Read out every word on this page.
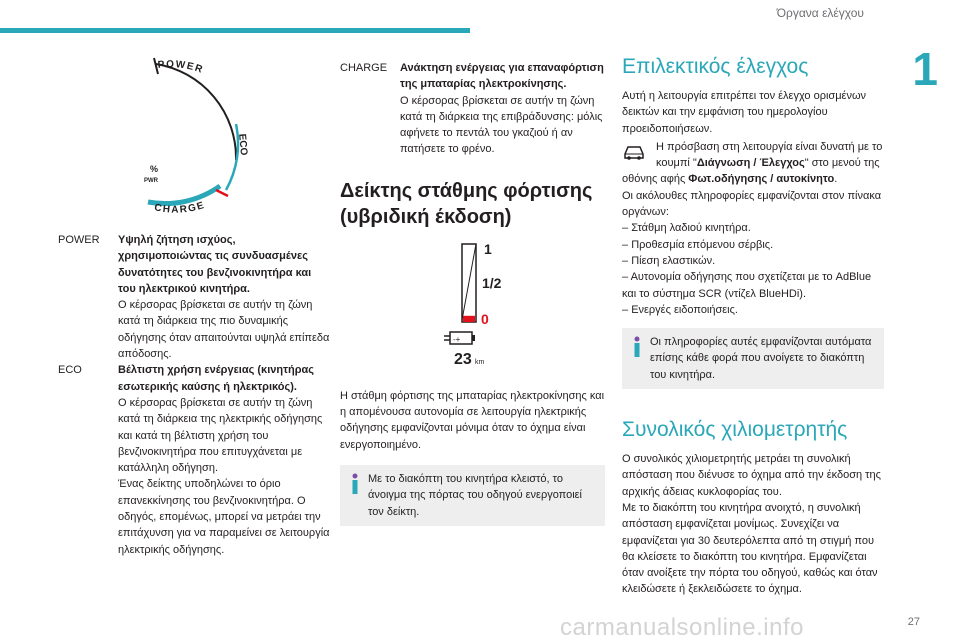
Όργανα ελέγχου
1
POWER
ECO
CHARGE
%
PWR
POWER	Υψηλή ζήτηση ισχύος, χρησιμοποιώντας τις συνδυασμένες δυνατότητες του βενζινοκινητήρα και του ηλεκτρικού κινητήρα.

Ο κέρσορας βρίσκεται σε αυτήν τη ζώνη κατά τη διάρκεια της πιο δυναμικής οδήγησης όταν απαιτούνται υψηλά επίπεδα απόδοσης.

ECO	Βέλτιστη χρήση ενέργειας (κινητήρας εσωτερικής καύσης ή ηλεκτρικός).

Ο κέρσορας βρίσκεται σε αυτήν τη ζώνη κατά τη διάρκεια της ηλεκτρικής οδήγησης και κατά τη βέλτιστη χρήση του βενζινοκινητήρα που επιτυγχάνεται με κατάλληλη οδήγηση.

Ένας δείκτης υποδηλώνει το όριο επανεκκίνησης του βενζινοκινητήρα. Ο οδηγός, επομένως, μπορεί να μετράει την επιτάχυνση για να παραμείνει σε λειτουργία ηλεκτρικής οδήγησης.

CHARGE	Ανάκτηση ενέργειας για επαναφόρτιση της μπαταρίας ηλεκτροκίνησης.

Ο κέρσορας βρίσκεται σε αυτήν τη ζώνη κατά τη διάρκεια της επιβράδυνσης: μόλις αφήνετε το πεντάλ του γκαζιού ή αν πατήσετε το φρένο.

Δείκτης στάθμης φόρτισης (υβριδική έκδοση)
1
1/2
0
-+
23 km

Η στάθμη φόρτισης της μπαταρίας ηλεκτροκίνησης και η απομένουσα αυτονομία σε λειτουργία ηλεκτρικής οδήγησης εμφανίζονται μόνιμα όταν το όχημα είναι ενεργοποιημένο.

Με το διακόπτη του κινητήρα κλειστό, το άνοιγμα της πόρτας του οδηγού ενεργοποιεί τον δείκτη.

Επιλεκτικός έλεγχος

Αυτή η λειτουργία επιτρέπει τον έλεγχο ορισμένων δεικτών και την εμφάνιση του ημερολογίου προειδοποιήσεων.

Η πρόσβαση στη λειτουργία είναι δυνατή με το κουμπί "Διάγνωση / Έλεγχος" στο μενού της οθόνης αφής Φωτ.οδήγησης / αυτοκίνητο.

Οι ακόλουθες πληροφορίες εμφανίζονται στον πίνακα οργάνων:

– Στάθμη λαδιού κινητήρα.
– Προθεσμία επόμενου σέρβις.
– Πίεση ελαστικών.
– Αυτονομία οδήγησης που σχετίζεται με το AdBlue και το σύστημα SCR (ντίζελ BlueHDi).
– Ενεργές ειδοποιήσεις.

Οι πληροφορίες αυτές εμφανίζονται αυτόματα επίσης κάθε φορά που ανοίγετε το διακόπτη του κινητήρα.

Συνολικός χιλιομετρητής

Ο συνολικός χιλιομετρητής μετράει τη συνολική απόσταση που διένυσε το όχημα από την έκδοση της αρχικής άδειας κυκλοφορίας του.

Με το διακόπτη του κινητήρα ανοιχτό, η συνολική απόσταση εμφανίζεται μονίμως. Συνεχίζει να εμφανίζεται για 30 δευτερόλεπτα από τη στιγμή που θα κλείσετε το διακόπτη του κινητήρα. Εμφανίζεται όταν ανοίξετε την πόρτα του οδηγού, καθώς και όταν κλειδώσετε ή ξεκλειδώσετε το όχημα.

27
carmanualsonline.info
